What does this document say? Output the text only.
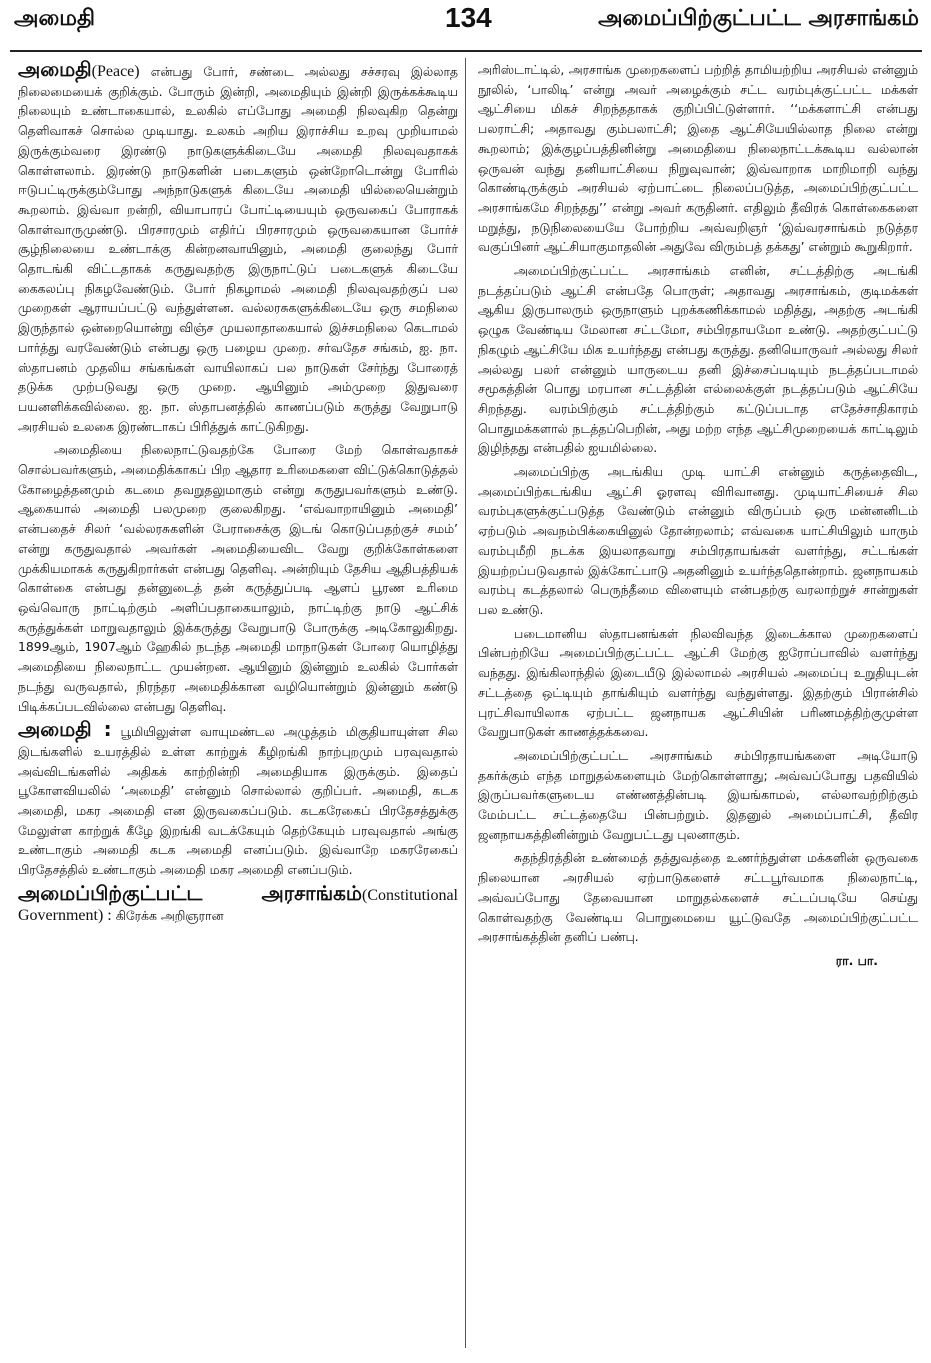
அமைதி	134	அமைப்பிற்குட்பட்ட அரசாங்கம்

அமைதி(Peace) என்பது போர், சண்டை அல்லது சச்சரவு இல்லாத நிலைமையைக் குறிக்கும். போரும் இன்றி, அமைதியும் இன்றி இருக்கக்கூடிய நிலையும் உண்டாகையால், உலகில் எப்போது அமைதி நிலவுகிற தென்று தெளிவாகச் சொல்ல முடியாது. உலகம் அறிய இராச்சிய உறவு முறியாமல் இருக்கும்வரை இரண்டு நாடுகளுக்கிடையே அமைதி நிலவுவதாகக் கொள்ளலாம். இரண்டு நாடுகளின் படைகளும் ஒன்றோடொன்று போரில் ஈடுபட்டிருக்கும்போது அந்நாடுகளுக் கிடையே அமைதி யில்லையென்றும் கூறலாம். இவ்வா றன்றி, வியாபாரப் போட்டியையும் ஒருவகைப் போராகக் கொள்வாருமுண்டு. பிரசாரமும் எதிர்ப் பிரசாரமும் ஒருவகையான போர்ச் சூழ்நிலையை உண்டாக்கு கின்றனவாயினும், அமைதி குலைந்து போர் தொடங்கி விட்டதாகக் கருதுவதற்கு இருநாட்டுப் படைகளுக் கிடையே கைகலப்பு நிகழவேண்டும். போர் நிகழாமல் அமைதி நிலவுவதற்குப் பல முறைகள் ஆராயப்பட்டு வந்துள்ளன. வல்லரசுகளுக்கிடையே ஒரு சமநிலை இருந்தால் ஒன்றையொன்று விஞ்ச முயலாதாகையால் இச்சமநிலை கெடாமல் பார்த்து வரவேண்டும் என்பது ஒரு பழைய முறை. சர்வதேச சங்கம், ஐ. நா. ஸ்தாபனம் முதலிய சங்கங்கள் வாயிலாகப் பல நாடுகள் சேர்ந்து போரைத் தடுக்க முற்படுவது ஒரு முறை. ஆயினும் அம்முறை இதுவரை பயனளிக்கவில்லை. ஐ. நா. ஸ்தாபனத்தில் காணப்படும் கருத்து வேறுபாடு அரசியல் உலகை இரண்டாகப் பிரித்துக் காட்டுகிறது.

அமைதியை நிலைநாட்டுவதற்கே போரை மேற் கொள்வதாகச் சொல்பவர்களும், அமைதிக்காகப் பிற ஆதார உரிமைகளை விட்டுக்கொடுத்தல் கோழைத்தனமும் கடமை தவறுதலுமாகும் என்று கருதுபவர்களும் உண்டு. ஆகையால் அமைதி பலமுறை குலைகிறது. ‘எவ்வாறாயினும் அமைதி’ என்பதைச் சிலர் ‘வல்லரசுகளின் பேராசைக்கு இடங் கொடுப்பதற்குச் சமம்’ என்று கருதுவதால் அவர்கள் அமைதியைவிட வேறு குறிக்கோள்களை முக்கியமாகக் கருதுகிறார்கள் என்பது தெளிவு. அன்றியும் தேசிய ஆதிபத்தியக் கொள்கை என்பது தன்னுடைத் தன் கருத்துப்படி ஆளப் பூரண உரிமை ஒவ்வொரு நாட்டிற்கும் அளிப்பதாகையாலும், நாட்டிற்கு நாடு ஆட்சிக் கருத்துக்கள் மாறுவதாலும் இக்கருத்து வேறுபாடு போருக்கு அடிகோலுகிறது. 1899ஆம், 1907ஆம் ஹேகில் நடந்த அமைதி மாநாடுகள் போரை யொழித்து அமைதியை நிலைநாட்ட முயன்றன. ஆயினும் இன்னும் உலகில் போர்கள் நடந்து வருவதால், நிரந்தர அமைதிக்கான வழியொன்றும் இன்னும் கண்டு பிடிக்கப்படவில்லை என்பது தெளிவு.

அமைதி : பூமியிலுள்ள வாயுமண்டல அழுத்தம் மிகுதியாயுள்ள சில இடங்களில் உயரத்தில் உள்ள காற்றுக் கீழிறங்கி நாற்புறமும் பரவுவதால் அவ்விடங்களில் அதிகக் காற்றின்றி அமைதியாக இருக்கும். இதைப் பூகோளவியலில் ‘அமைதி’ என்னும் சொல்லால் குறிப்பர். அமைதி, கடக அமைதி, மகர அமைதி என இருவகைப்படும். கடகரேகைப் பிரதேசத்துக்கு மேலுள்ள காற்றுக் கீழே இறங்கி வடக்கேயும் தெற்கேயும் பரவுவதால் அங்கு உண்டாகும் அமைதி கடக அமைதி எனப்படும். இவ்வாறே மகரரேகைப் பிரதேசத்தில் உண்டாகும் அமைதி மகர அமைதி எனப்படும்.

அமைப்பிற்குட்பட்ட அரசாங்கம்(Constitutional Government) : கிரேக்க அறிஞரான

அரிஸ்டாட்டில், அரசாங்க முறைகளைப் பற்றித் தாமியற்றிய அரசியல் என்னும் நூலில், ‘பாலிடி’ என்று அவர் அழைக்கும் சட்ட வரம்புக்குட்பட்ட மக்கள் ஆட்சியை மிகச் சிறந்ததாகக் குறிப்பிட்டுள்ளார். ‘‘மக்களாட்சி என்பது பலராட்சி; அதாவது கும்பலாட்சி; இதை ஆட்சியேயில்லாத நிலை என்று கூறலாம்; இக்குழப்பத்தினின்று அமைதியை நிலைநாட்டக்கூடிய வல்லான் ஒருவன் வந்து தனியாட்சியை நிறுவுவான்; இவ்வாறாக மாறிமாறி வந்து கொண்டிருக்கும் அரசியல் ஏற்பாட்டை நிலைப்படுத்த, அமைப்பிற்குட்பட்ட அரசாங்கமே சிறந்தது’’ என்று அவர் கருதினர். எதிலும் தீவிரக் கொள்கைகளை மறுத்து, நடுநிலையையே போற்றிய அவ்வறிஞர் ‘இவ்வரசாங்கம் நடுத்தர வகுப்பினர் ஆட்சியாகுமாதலின் அதுவே விரும்பத் தக்கது’ என்றும் கூறுகிறார்.

அமைப்பிற்குட்பட்ட அரசாங்கம் எனின், சட்டத்திற்கு அடங்கி நடத்தப்படும் ஆட்சி என்பதே பொருள்; அதாவது அரசாங்கம், குடிமக்கள் ஆகிய இருபாலரும் ஒருநாளும் புறக்கணிக்காமல் மதித்து, அதற்கு அடங்கி ஒழுக வேண்டிய மேலான சட்டமோ, சம்பிரதாயமோ உண்டு. அதற்குட்பட்டு நிகழும் ஆட்சியே மிக உயர்ந்தது என்பது கருத்து. தனியொருவர் அல்லது சிலர் அல்லது பலர் என்னும் யாருடைய தனி இச்சைப்படியும் நடத்தப்படாமல் சமூகத்தின் பொது மரபான சட்டத்தின் எல்லைக்குள் நடத்தப்படும் ஆட்சியே சிறந்தது. வரம்பிற்கும் சட்டத்திற்கும் கட்டுப்படாத எதேச்சாதிகாரம் பொதுமக்களால் நடத்தப்பெறின், அது மற்ற எந்த ஆட்சிமுறையைக் காட்டிலும் இழிந்தது என்பதில் ஐயமில்லை.

அமைப்பிற்கு அடங்கிய முடி யாட்சி என்னும் கருத்தைவிட, அமைப்பிற்கடங்கிய ஆட்சி ஓரளவு விரிவானது. முடியாட்சியைச் சில வரம்புகளுக்குட்படுத்த வேண்டும் என்னும் விருப்பம் ஒரு மன்னனிடம் ஏற்படும் அவநம்பிக்கையினுல் தோன்றலாம்; எவ்வகை யாட்சியிலும் யாரும் வரம்புமீறி நடக்க இயலாதவாறு சம்பிரதாயங்கள் வளர்ந்து, சட்டங்கள் இயற்றப்படுவதால் இக்கோட்பாடு அதனினும் உயர்ந்ததொன்றாம். ஜனநாயகம் வரம்பு கடத்தலால் பெருந்தீமை விளையும் என்பதற்கு வரலாற்றுச் சான்றுகள் பல உண்டு.

படைமானிய ஸ்தாபனங்கள் நிலவிவந்த இடைக்கால முறைகளைப் பின்பற்றியே அமைப்பிற்குட்பட்ட ஆட்சி மேற்கு ஐரோப்பாவில் வளர்ந்து வந்தது. இங்கிலாந்தில் இடையீடு இல்லாமல் அரசியல் அமைப்பு உறுதியுடன் சட்டத்தை ஒட்டியும் தாங்கியும் வளர்ந்து வந்துள்ளது. இதற்கும் பிரான்சில் புரட்சிவாயிலாக ஏற்பட்ட ஜனநாயக ஆட்சியின் பரிணமத்திற்குமுள்ள வேறுபாடுகள் காணத்தக்கவை.

அமைப்பிற்குட்பட்ட அரசாங்கம் சம்பிரதாயங்களை அடியோடு தகர்க்கும் எந்த மாறுதல்களையும் மேற்கொள்ளாது; அவ்வப்போது பதவியில் இருப்பவர்களுடைய எண்ணத்தின்படி இயங்காமல், எல்லாவற்றிற்கும் மேம்பட்ட சட்டத்தையே பின்பற்றும். இதனுல் அமைப்பாட்சி, தீவிர ஜனநாயகத்தினின்றும் வேறுபட்டது புலனாகும்.

சுதந்திரத்தின் உண்மைத் தத்துவத்தை உணர்ந்துள்ள மக்களின் ஒருவகை நிலையான அரசியல் ஏற்பாடுகளைச் சட்டபூர்வமாக நிலைநாட்டி, அவ்வப்போது தேவையான மாறுதல்களைச் சட்டப்படியே செய்து கொள்வதற்கு வேண்டிய பொறுமையை யூட்டுவதே அமைப்பிற்குட்பட்ட அரசாங்கத்தின் தனிப் பண்பு.

ரா. பா.
